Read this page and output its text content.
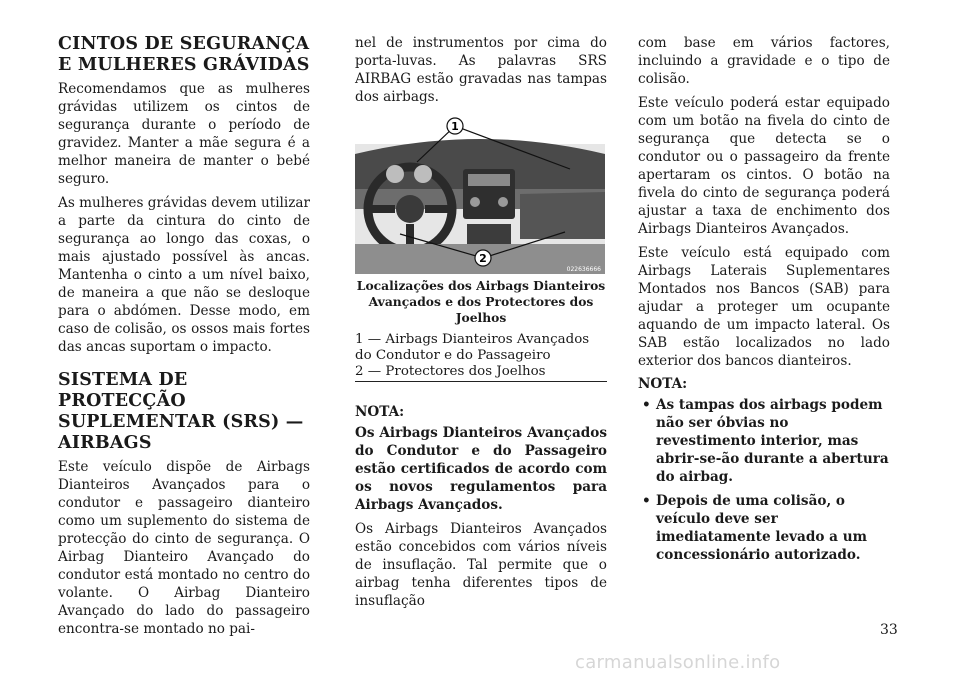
CINTOS DE SEGURANÇA E MULHERES GRÁVIDAS

Recomendamos que as mulheres grávidas utilizem os cintos de segurança durante o período de gravidez. Manter a mãe segura é a melhor maneira de manter o bebé seguro.

As mulheres grávidas devem utilizar a parte da cintura do cinto de segurança ao longo das coxas, o mais ajustado possível às ancas. Mantenha o cinto a um nível baixo, de maneira a que não se desloque para o abdómen. Desse modo, em caso de colisão, os ossos mais fortes das ancas suportam o impacto.

SISTEMA DE PROTECÇÃO SUPLEMENTAR (SRS) — AIRBAGS

Este veículo dispõe de Airbags Dianteiros Avançados para o condutor e passageiro dianteiro como um suplemento do sistema de protecção do cinto de segurança. O Airbag Dianteiro Avançado do condutor está montado no centro do volante. O Airbag Dianteiro Avançado do lado do passageiro encontra-se montado no pai-

nel de instrumentos por cima do porta-luvas. As palavras SRS AIRBAG estão gravadas nas tampas dos airbags.

1
2
022636666
Localizações dos Airbags Dianteiros Avançados e dos Protectores dos Joelhos
1 — Airbags Dianteiros Avançados do Condutor e do Passageiro
2 — Protectores dos Joelhos
NOTA:

Os Airbags Dianteiros Avançados do Condutor e do Passageiro estão certificados de acordo com os novos regulamentos para Airbags Avançados.

Os Airbags Dianteiros Avançados estão concebidos com vários níveis de insuflação. Tal permite que o airbag tenha diferentes tipos de insuflação

com base em vários factores, incluindo a gravidade e o tipo de colisão.

Este veículo poderá estar equipado com um botão na fivela do cinto de segurança que detecta se o condutor ou o passageiro da frente apertaram os cintos. O botão na fivela do cinto de segurança poderá ajustar a taxa de enchimento dos Airbags Dianteiros Avançados.

Este veículo está equipado com Airbags Laterais Suplementares Montados nos Bancos (SAB) para ajudar a proteger um ocupante aquando de um impacto lateral. Os SAB estão localizados no lado exterior dos bancos dianteiros.

NOTA:
• As tampas dos airbags podem não ser óbvias no revestimento interior, mas abrir-se-ão durante a abertura do airbag.
• Depois de uma colisão, o veículo deve ser imediatamente levado a um concessionário autorizado.
33
carmanualsonline.info
